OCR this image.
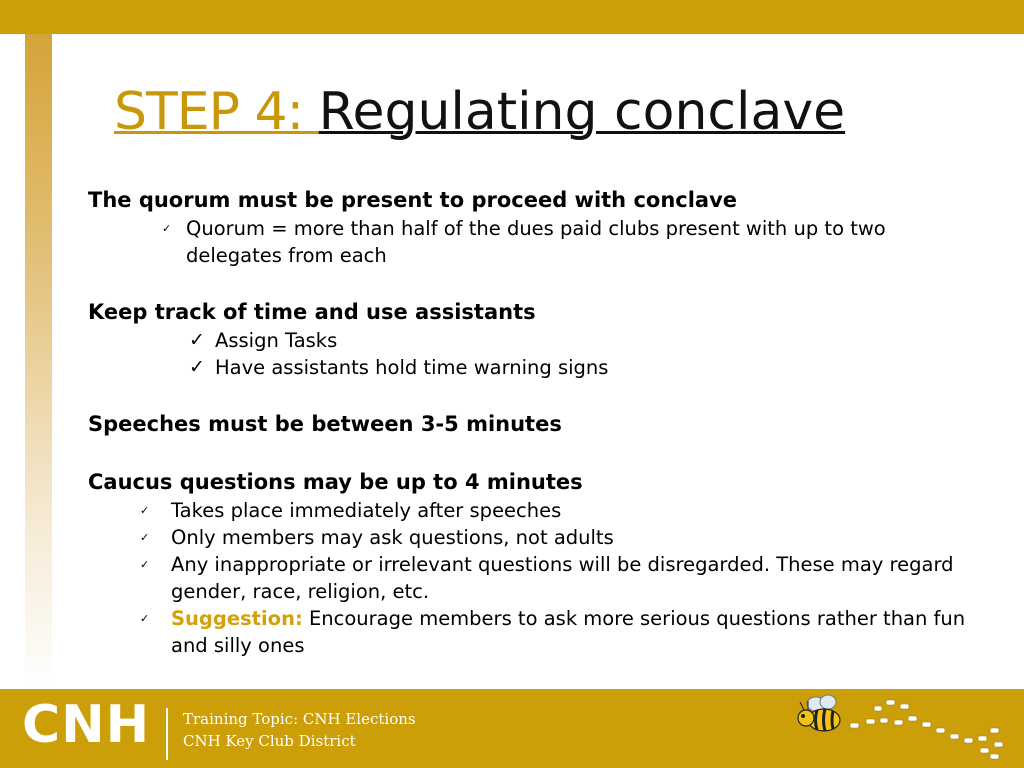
STEP 4: Regulating conclave

The quorum must be present to proceed with conclave

✓ Quorum = more than half of the dues paid clubs present with up to two delegates from each

Keep track of time and use assistants

✓ Assign Tasks
✓ Have assistants hold time warning signs

Speeches must be between 3-5 minutes

Caucus questions may be up to 4 minutes

✓ Takes place immediately after speeches
✓ Only members may ask questions, not adults
✓ Any inappropriate or irrelevant questions will be disregarded. These may regard gender, race, religion, etc.
✓ Suggestion: Encourage members to ask more serious questions rather than fun and silly ones
CNH Training Topic: CNH Elections
CNH Key Club District
